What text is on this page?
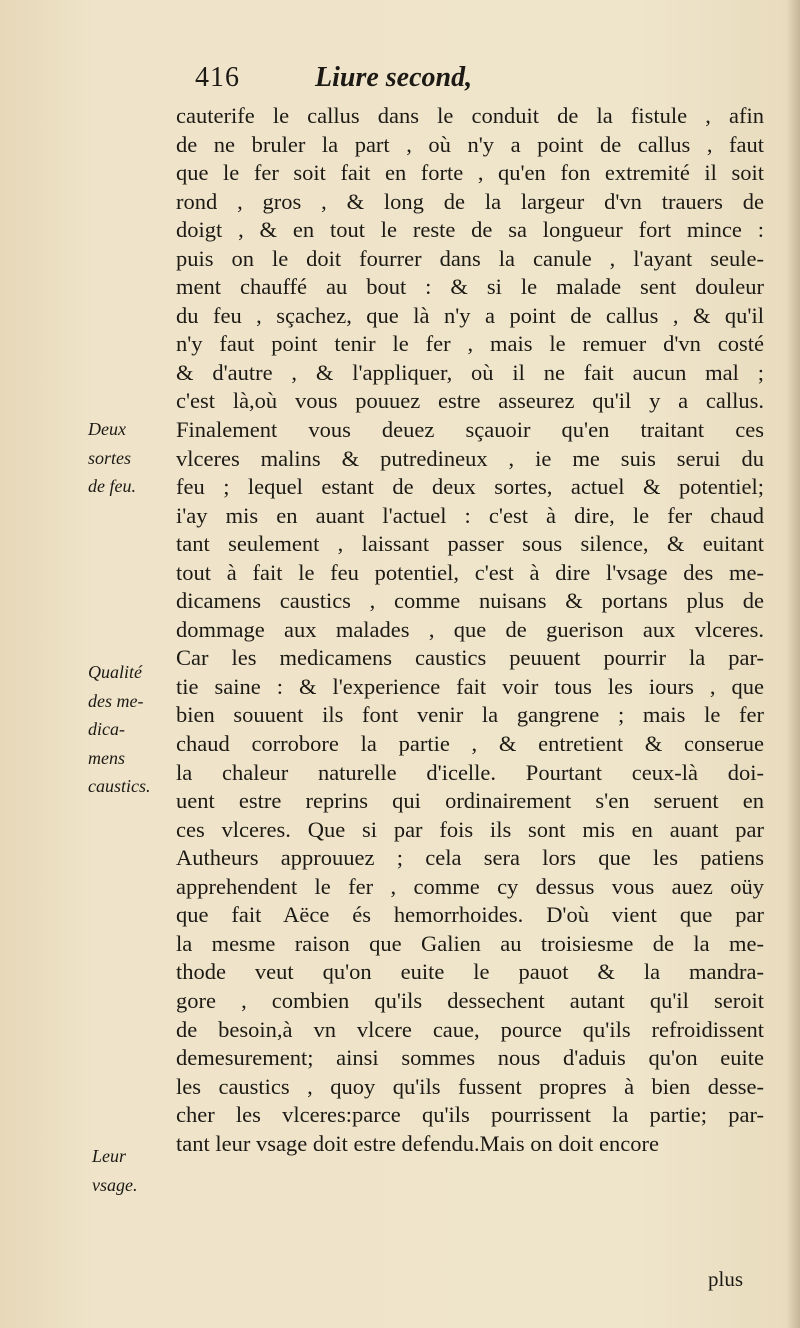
416	Liure second,
cauterife le callus dans le conduit de la fistule , afin
de ne bruler la part , où n'y a point de callus , faut
que le fer soit fait en forte , qu'en fon extremité il soit
rond , gros , & long de la largeur d'vn trauers de
doigt , & en tout le reste de sa longueur fort mince :
puis on le doit fourrer dans la canule , l'ayant seule-
ment chauffé au bout : & si le malade sent douleur
du feu , sçachez, que là n'y a point de callus , & qu'il
n'y faut point tenir le fer , mais le remuer d'vn costé
& d'autre , & l'appliquer, où il ne fait aucun mal ;
c'est là,où vous pouuez estre asseurez qu'il y a callus.
Finalement vous deuez sçauoir qu'en traitant ces
vlceres malins & putredineux , ie me suis serui du
feu ; lequel estant de deux sortes, actuel & potentiel;
i'ay mis en auant l'actuel : c'est à dire, le fer chaud
tant seulement , laissant passer sous silence, & euitant
tout à fait le feu potentiel, c'est à dire l'vsage des me-
dicamens caustics , comme nuisans & portans plus de
dommage aux malades , que de guerison aux vlceres.
Car les medicamens caustics peuuent pourrir la par-
tie saine : & l'experience fait voir tous les iours , que
bien souuent ils font venir la gangrene ; mais le fer
chaud corrobore la partie , & entretient & conserue
la chaleur naturelle d'icelle. Pourtant ceux-là doi-
uent estre reprins qui ordinairement s'en seruent en
ces vlceres. Que si par fois ils sont mis en auant par
Autheurs approuuez ; cela sera lors que les patiens
apprehendent le fer , comme cy dessus vous auez oüy
que fait Aëce és hemorrhoides. D'où vient que par
la mesme raison que Galien au troisiesme de la me-
thode veut qu'on euite le pauot & la mandra-
gore , combien qu'ils dessechent autant qu'il seroit
de besoin,à vn vlcere caue, pource qu'ils refroidissent
demesurement; ainsi sommes nous d'aduis qu'on euite
les caustics , quoy qu'ils fussent propres à bien desse-
cher les vlceres:parce qu'ils pourrissent la partie; par-
tant leur vsage doit estre defendu.Mais on doit encore
plus
Deux
sortes
de feu.
Qualité
des me-
dica-
mens
caustics.
Leur
vsage.
